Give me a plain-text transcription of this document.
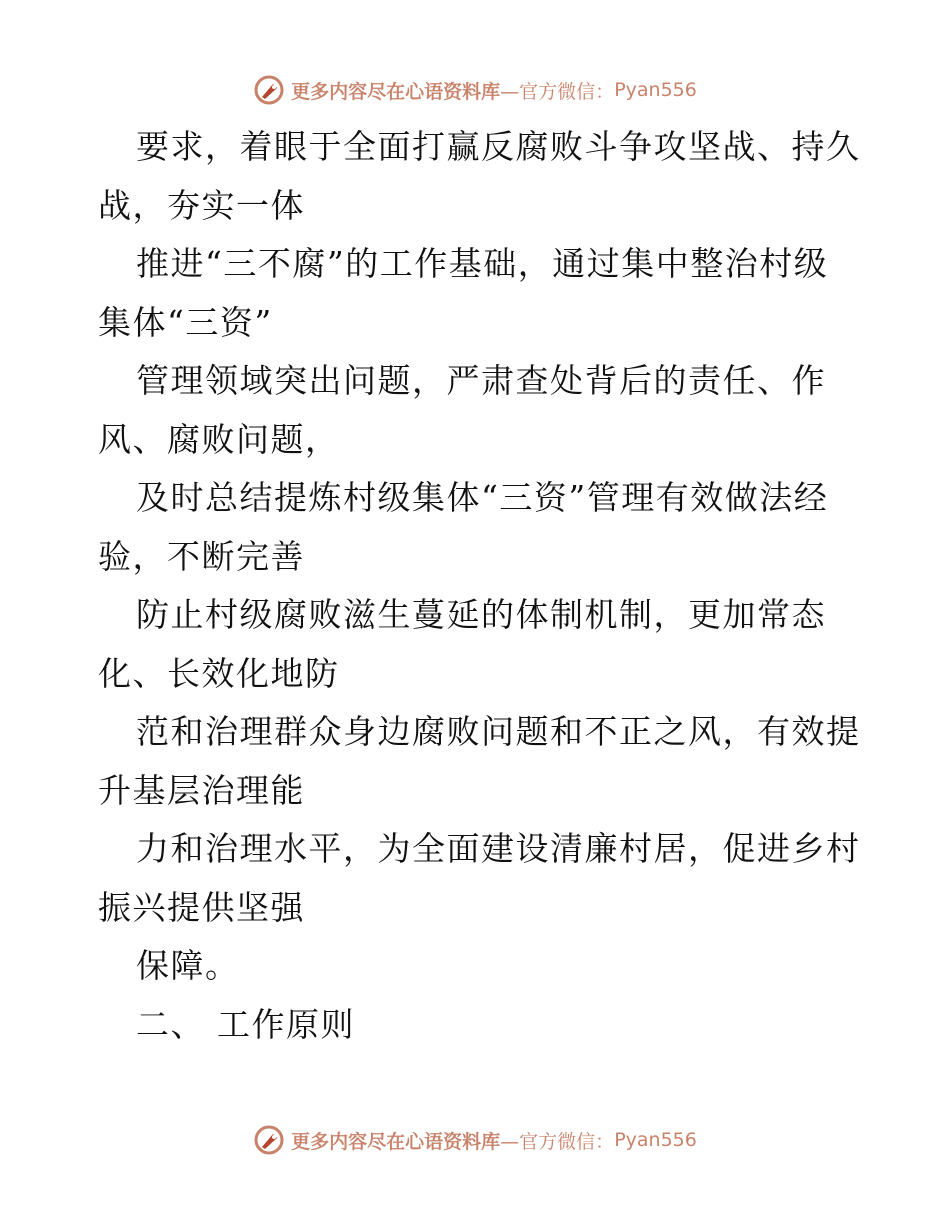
更多内容尽在心语资料库 —官方微信： Pyan556
要求，着眼于全面打赢反腐败斗争攻坚战、持久
战，夯实一体
推进“三不腐”的工作基础，通过集中整治村级
集体“三资”
管理领域突出问题，严肃查处背后的责任、作
风、腐败问题，
及时总结提炼村级集体“三资”管理有效做法经
验，不断完善
防止村级腐败滋生蔓延的体制机制，更加常态
化、长效化地防
范和治理群众身边腐败问题和不正之风，有效提
升基层治理能
力和治理水平，为全面建设清廉村居，促进乡村
振兴提供坚强
保障。
二、 工作原则
更多内容尽在心语资料库 —官方微信： Pyan556
